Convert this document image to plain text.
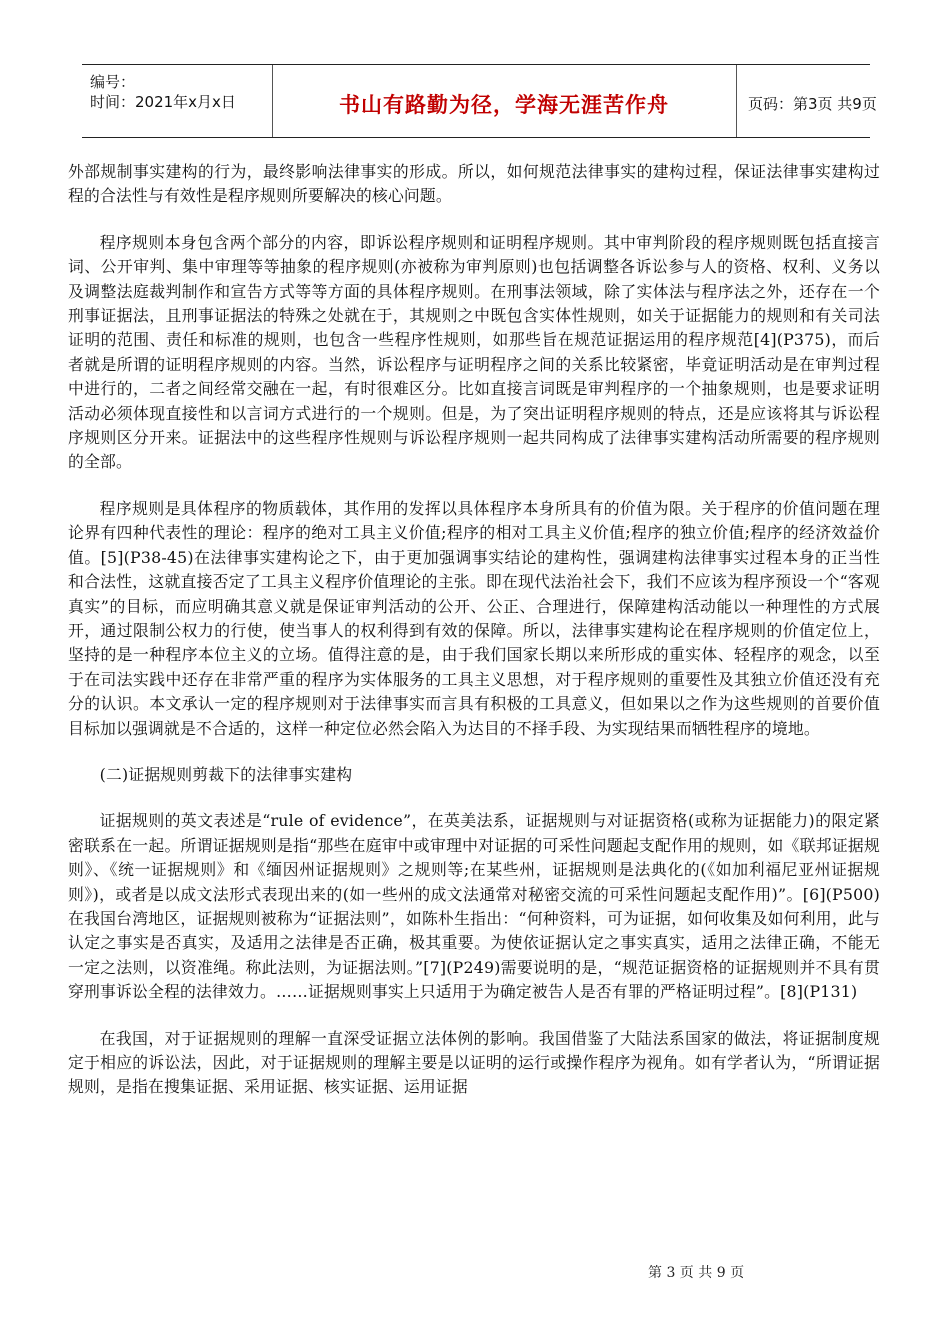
编号：
时间：2021年x月x日	书山有路勤为径，学海无涯苦作舟	页码：第3页 共9页

外部规制事实建构的行为，最终影响法律事实的形成。所以，如何规范法律事实的建构过程，保证法律事实建构过程的合法性与有效性是程序规则所要解决的核心问题。

程序规则本身包含两个部分的内容，即诉讼程序规则和证明程序规则。其中审判阶段的程序规则既包括直接言词、公开审判、集中审理等等抽象的程序规则(亦被称为审判原则)也包括调整各诉讼参与人的资格、权利、义务以及调整法庭裁判制作和宣告方式等等方面的具体程序规则。在刑事法领域，除了实体法与程序法之外，还存在一个刑事证据法，且刑事证据法的特殊之处就在于，其规则之中既包含实体性规则，如关于证据能力的规则和有关司法证明的范围、责任和标准的规则，也包含一些程序性规则，如那些旨在规范证据运用的程序规范[4](P375)，而后者就是所谓的证明程序规则的内容。当然，诉讼程序与证明程序之间的关系比较紧密，毕竟证明活动是在审判过程中进行的，二者之间经常交融在一起，有时很难区分。比如直接言词既是审判程序的一个抽象规则，也是要求证明活动必须体现直接性和以言词方式进行的一个规则。但是，为了突出证明程序规则的特点，还是应该将其与诉讼程序规则区分开来。证据法中的这些程序性规则与诉讼程序规则一起共同构成了法律事实建构活动所需要的程序规则的全部。

程序规则是具体程序的物质载体，其作用的发挥以具体程序本身所具有的价值为限。关于程序的价值问题在理论界有四种代表性的理论：程序的绝对工具主义价值;程序的相对工具主义价值;程序的独立价值;程序的经济效益价值。[5](P38-45)在法律事实建构论之下，由于更加强调事实结论的建构性，强调建构法律事实过程本身的正当性和合法性，这就直接否定了工具主义程序价值理论的主张。即在现代法治社会下，我们不应该为程序预设一个“客观真实”的目标，而应明确其意义就是保证审判活动的公开、公正、合理进行，保障建构活动能以一种理性的方式展开，通过限制公权力的行使，使当事人的权利得到有效的保障。所以，法律事实建构论在程序规则的价值定位上，坚持的是一种程序本位主义的立场。值得注意的是，由于我们国家长期以来所形成的重实体、轻程序的观念，以至于在司法实践中还存在非常严重的程序为实体服务的工具主义思想，对于程序规则的重要性及其独立价值还没有充分的认识。本文承认一定的程序规则对于法律事实而言具有积极的工具意义，但如果以之作为这些规则的首要价值目标加以强调就是不合适的，这样一种定位必然会陷入为达目的不择手段、为实现结果而牺牲程序的境地。

(二)证据规则剪裁下的法律事实建构

证据规则的英文表述是“rule of evidence”，在英美法系，证据规则与对证据资格(或称为证据能力)的限定紧密联系在一起。所谓证据规则是指“那些在庭审中或审理中对证据的可采性问题起支配作用的规则，如《联邦证据规则》、《统一证据规则》和《缅因州证据规则》之规则等;在某些州，证据规则是法典化的(《如加利福尼亚州证据规则》)，或者是以成文法形式表现出来的(如一些州的成文法通常对秘密交流的可采性问题起支配作用)”。[6](P500)在我国台湾地区，证据规则被称为“证据法则”，如陈朴生指出：“何种资料，可为证据，如何收集及如何利用，此与认定之事实是否真实，及适用之法律是否正确，极其重要。为使依证据认定之事实真实，适用之法律正确，不能无一定之法则，以资准绳。称此法则，为证据法则。”[7](P249)需要说明的是，“规范证据资格的证据规则并不具有贯穿刑事诉讼全程的法律效力。……证据规则事实上只适用于为确定被告人是否有罪的严格证明过程”。[8](P131)

在我国，对于证据规则的理解一直深受证据立法体例的影响。我国借鉴了大陆法系国家的做法，将证据制度规定于相应的诉讼法，因此，对于证据规则的理解主要是以证明的运行或操作程序为视角。如有学者认为，“所谓证据规则，是指在搜集证据、采用证据、核实证据、运用证据

第 3 页 共 9 页
